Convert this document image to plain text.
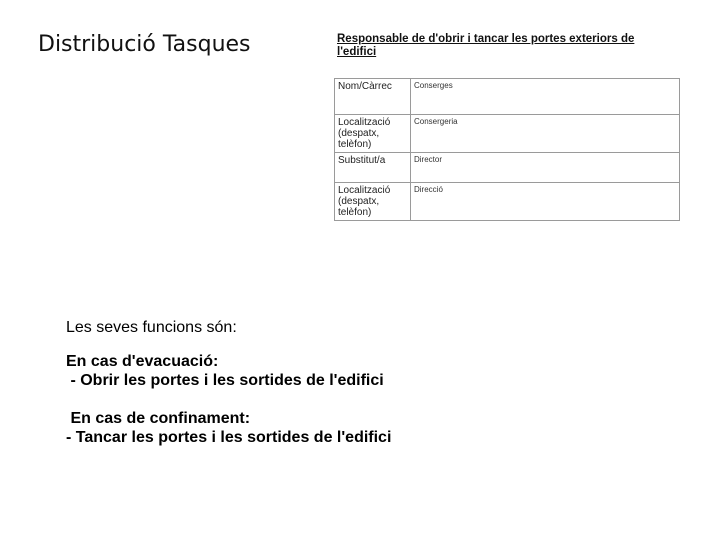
Distribució Tasques	Responsable de d'obrir i tancar les portes exteriors de l'edifici
Nom/Càrrec	Conserges
Localització (despatx, telèfon)	Consergeria
Substitut/a	Director
Localització (despatx, telèfon)	Direcció
Les seves funcions són:
En cas d'evacuació:
- Obrir les portes i les sortides de l'edifici
En cas de confinament:
- Tancar les portes i les sortides de l'edifici
